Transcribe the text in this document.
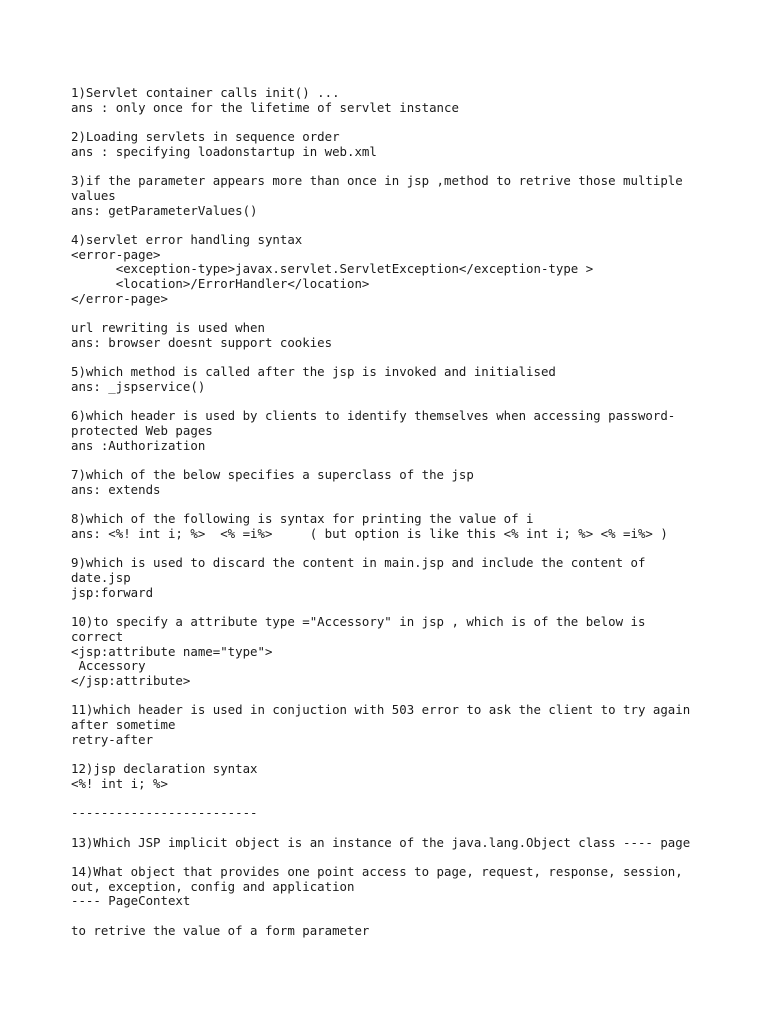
1)Servlet container calls init() ...
ans : only once for the lifetime of servlet instance
2)Loading servlets in sequence order
ans : specifying loadonstartup in web.xml
3)if the parameter appears more than once in jsp ,method to retrive those multiple
values
ans: getParameterValues()
4)servlet error handling syntax
<error-page>
<exception-type>javax.servlet.ServletException</exception-type >
<location>/ErrorHandler</location>
</error-page>
url rewriting is used when
ans: browser doesnt support cookies
5)which method is called after the jsp is invoked and initialised
ans: _jspservice()
6)which header is used by clients to identify themselves when accessing password-
protected Web pages
ans :Authorization
7)which of the below specifies a superclass of the jsp
ans: extends
8)which of the following is syntax for printing the value of i
ans: <%! int i; %>  <% =i%>     ( but option is like this <% int i; %> <% =i%> )
9)which is used to discard the content in main.jsp and include the content of
date.jsp
jsp:forward
10)to specify a attribute type ="Accessory" in jsp , which is of the below is
correct
<jsp:attribute name="type">
Accessory
</jsp:attribute>
11)which header is used in conjuction with 503 error to ask the client to try again
after sometime
retry-after
12)jsp declaration syntax
<%! int i; %>
-------------------------
13)Which JSP implicit object is an instance of the java.lang.Object class ---- page
14)What object that provides one point access to page, request, response, session,
out, exception, config and application
---- PageContext
to retrive the value of a form parameter
